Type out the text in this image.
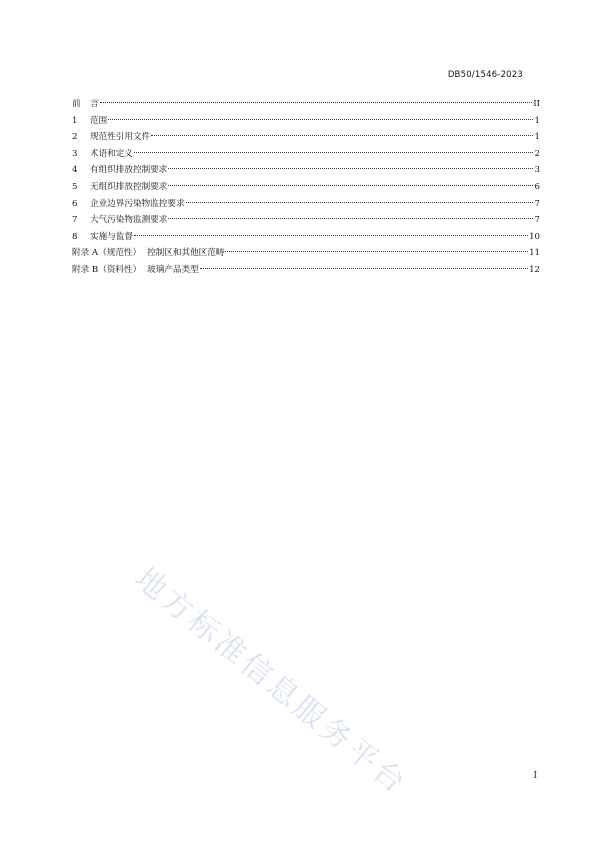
DB50/1546-2023
前	言	II
1	范围	1
2	规范性引用文件	1
3	术语和定义	2
4	有组织排放控制要求	3
5	无组织排放控制要求	6
6	企业边界污染物监控要求	7
7	大气污染物监测要求	7
8	实施与监督	10
附录 A（规范性） 控制区和其他区范畴	11
附录 B（资料性） 玻璃产品类型	12
地方标准信息服务平台	I
